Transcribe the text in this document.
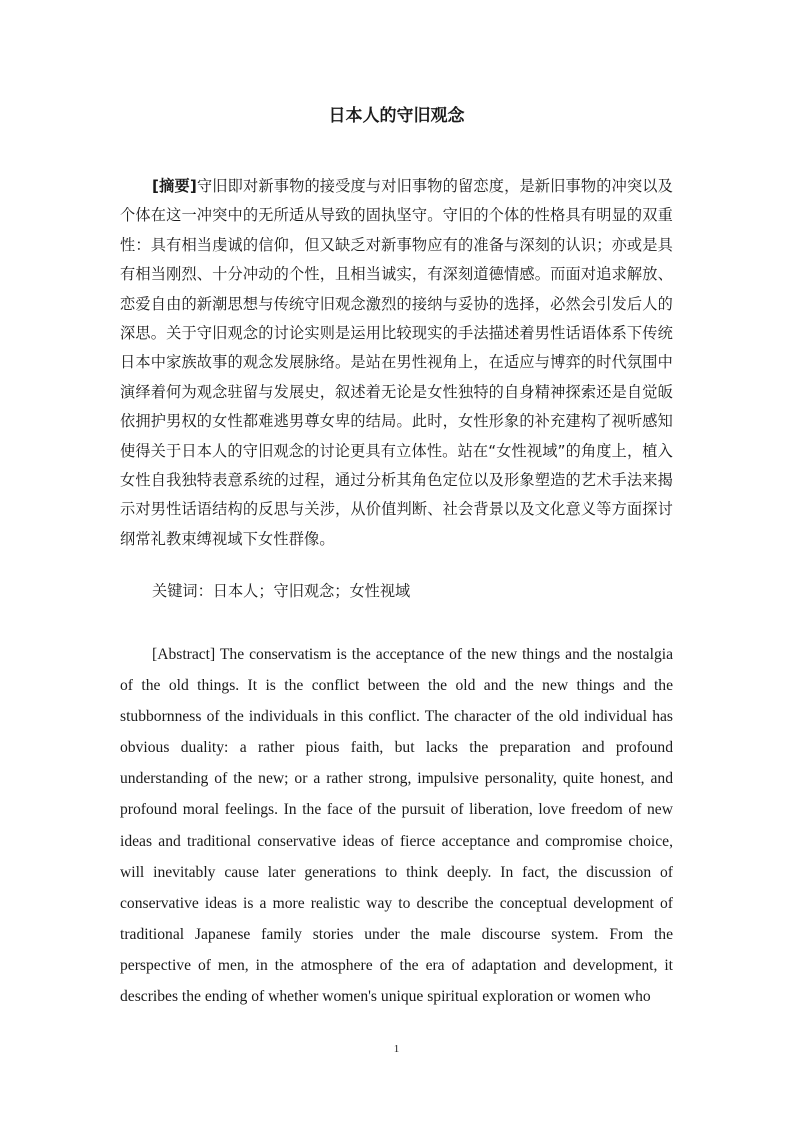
日本人的守旧观念

[摘要]守旧即对新事物的接受度与对旧事物的留恋度，是新旧事物的冲突以及个体在这一冲突中的无所适从导致的固执坚守。守旧的个体的性格具有明显的双重性：具有相当虔诚的信仰，但又缺乏对新事物应有的准备与深刻的认识；亦或是具有相当刚烈、十分冲动的个性，且相当诚实，有深刻道德情感。而面对追求解放、恋爱自由的新潮思想与传统守旧观念激烈的接纳与妥协的选择，必然会引发后人的深思。关于守旧观念的讨论实则是运用比较现实的手法描述着男性话语体系下传统日本中家族故事的观念发展脉络。是站在男性视角上，在适应与博弈的时代氛围中演绎着何为观念驻留与发展史，叙述着无论是女性独特的自身精神探索还是自觉皈依拥护男权的女性都难逃男尊女卑的结局。此时，女性形象的补充建构了视听感知使得关于日本人的守旧观念的讨论更具有立体性。站在“女性视域”的角度上，植入女性自我独特表意系统的过程，通过分析其角色定位以及形象塑造的艺术手法来揭示对男性话语结构的反思与关涉，从价值判断、社会背景以及文化意义等方面探讨纲常礼教束缚视域下女性群像。

关键词：日本人；守旧观念；女性视域

[Abstract] The conservatism is the acceptance of the new things and the nostalgia of the old things. It is the conflict between the old and the new things and the stubbornness of the individuals in this conflict. The character of the old individual has obvious duality: a rather pious faith, but lacks the preparation and profound understanding of the new; or a rather strong, impulsive personality, quite honest, and profound moral feelings. In the face of the pursuit of liberation, love freedom of new ideas and traditional conservative ideas of fierce acceptance and compromise choice, will inevitably cause later generations to think deeply. In fact, the discussion of conservative ideas is a more realistic way to describe the conceptual development of traditional Japanese family stories under the male discourse system. From the perspective of men, in the atmosphere of the era of adaptation and development, it describes the ending of whether women's unique spiritual exploration or women who

1
